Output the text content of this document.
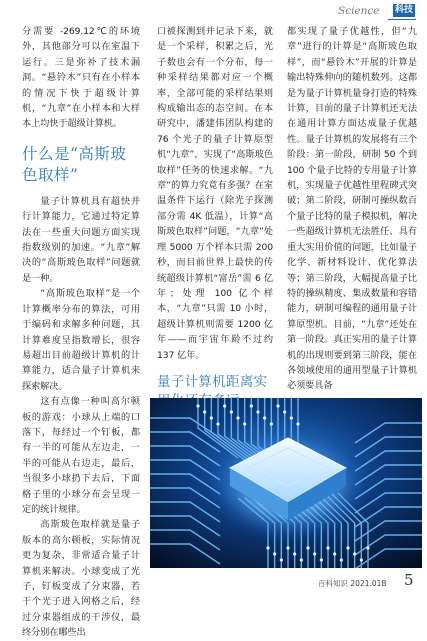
Science 科技

分需要 -269.12℃的环境外，其他部分可以在室温下运行。三是弥补了技术漏洞。“悬铃木”只有在小样本的情况下快于超级计算机，“九章”在小样本和大样本上均快于超级计算机。

什么是“高斯玻色取样”

量子计算机具有超快并行计算能力，它通过特定算法在一些重大问题方面实现指数级别的加速。“九章”解决的“高斯玻色取样”问题就是一种。

“高斯玻色取样”是一个计算概率分布的算法，可用于编码和求解多种问题，其计算难度呈指数增长，很容易超出目前超级计算机的计算能力，适合量子计算机来探索解决。

这有点像一种叫高尔顿板的游戏：小球从上端的口落下，每经过一个钉板，都有一半的可能从左边走，一半的可能从右边走，最后，当很多小球扔下去后，下面格子里的小球分布会呈现一定的统计规律。

高斯玻色取样就是量子版本的高尔顿板，实际情况更为复杂，非常适合量子计算机来解决。小球变成了光子，钉板变成了分束器，若干个光子进入网格之后，经过分束器组成的干涉仪，最终分别在哪些出

口被探测到并记录下来，就是一个采样，积累之后，光子数也会有一个分布，每一种采样结果都对应一个概率，全部可能的采样结果则构成输出态的态空间。在本研究中，潘建伟团队构建的 76 个光子的量子计算原型机“九章”，实现了“高斯玻色取样”任务的快速求解。“九章”的算力究竟有多强？在室温条件下运行（除光子探测部分需 4K 低温），计算“高斯玻色取样”问题，“九章”处理 5000 万个样本只需 200 秒，而目前世界上最快的传统超级计算机“富岳”需 6 亿年；处理 100 亿个样本，“九章”只需 10 小时，超级计算机则需要 1200 亿年——而宇宙年龄不过约 137 亿年。

量子计算机距离实

都实现了量子优越性，但“九章”进行的计算是“高斯玻色取样”，而“悬铃木”开展的计算是输出特殊伸向的随机数列。这都是为量子计算机量身打造的特殊计算，目前的量子计算机还无法在通用计算方面达成量子优越性。量子计算机的发展将有三个阶段：第一阶段，研制 50 个到 100 个量子比特的专用量子计算机，实现量子优越性里程碑式突破；第二阶段，研制可操纵数百个量子比特的量子模拟机，解决一些超级计算机无法胜任、具有重大实用价值的问题，比如量子化学、新材料设计、优化算法等；第三阶段，大幅提高量子比特的操纵精度、集成数量和容错能力，研制可编程的通用量子计算原型机。目前，“九章”还处在第一阶段。真正实用的量子计算机的出现则要到第三阶段，能在各领域使用的通用型量子计算机必须要具备

百科知识 2021.01B 5
